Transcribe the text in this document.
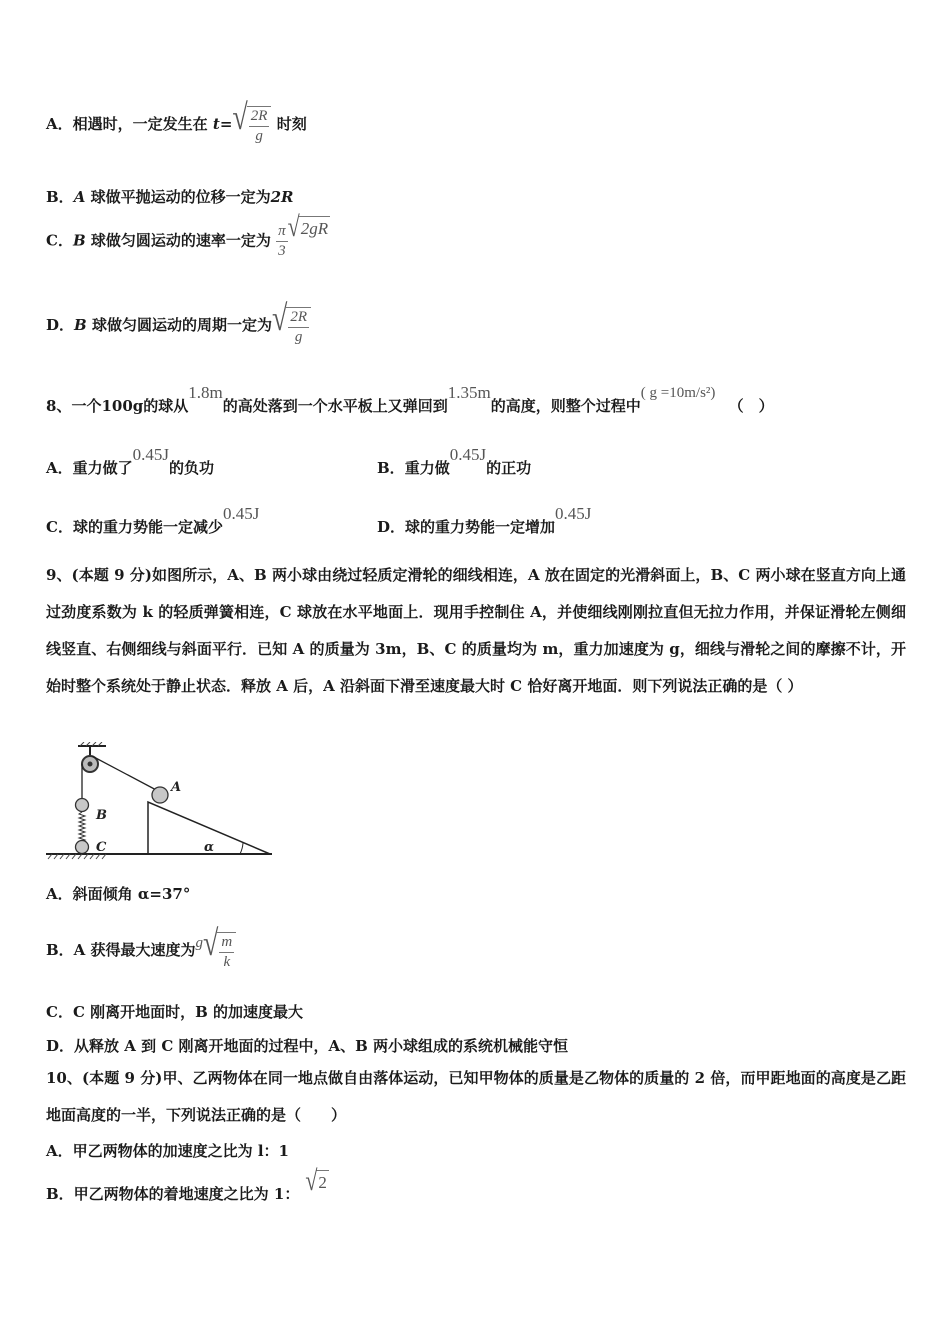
A．相遇时，一定发生在 t= √ $\frac{2R}{g}$ 时刻
B．A 球做平抛运动的位移一定为2R
C．B 球做匀圆运动的速率一定为 $\frac{\pi}{3}$ √ 2gR
D．B 球做匀圆运动的周期一定为 √ $\frac{2R}{g}$
8、一个100g的球从1.8m的高处落到一个水平板上又弹回到1.35m的高度，则整个过程中( g =10m/s²) （　）
A．重力做了0.45J的负功	B．重力做0.45J的正功
C．球的重力势能一定减少0.45J
D．球的重力势能一定增加0.45J
9、(本题 9 分)如图所示，A、B 两小球由绕过轻质定滑轮的细线相连，A 放在固定的光滑斜面上，B、C 两小球在竖直方向上通过劲度系数为 k 的轻质弹簧相连，C 球放在水平地面上．现用手控制住 A，并使细线刚刚拉直但无拉力作用，并保证滑轮左侧细线竖直、右侧细线与斜面平行．已知 A 的质量为 3m，B、C 的质量均为 m，重力加速度为 g，细线与滑轮之间的摩擦不计，开始时整个系统处于静止状态．释放 A 后，A 沿斜面下滑至速度最大时 C 恰好离开地面．则下列说法正确的是（ ）
A
B
C	α
A．斜面倾角 α=37°
B．A 获得最大速度为g √ $\frac{m}{k}$
C．C 刚离开地面时，B 的加速度最大
D．从释放 A 到 C 刚离开地面的过程中，A、B 两小球组成的系统机械能守恒
10、(本题 9 分)甲、乙两物体在同一地点做自由落体运动，已知甲物体的质量是乙物体的质量的 2 倍，而甲距地面的高度是乙距地面高度的一半，下列说法正确的是（　　）
A．甲乙两物体的加速度之比为 l：1
B．甲乙两物体的着地速度之比为 1： √ 2
